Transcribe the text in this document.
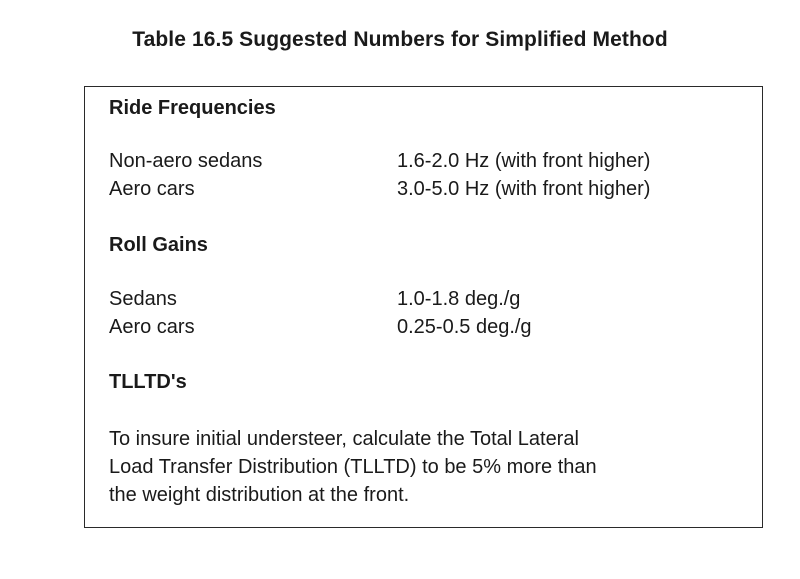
Table 16.5 Suggested Numbers for Simplified Method
Ride Frequencies
Non-aero sedans	1.6-2.0 Hz (with front higher)
Aero cars	3.0-5.0 Hz (with front higher)
Roll Gains
Sedans	1.0-1.8 deg./g
Aero cars	0.25-0.5 deg./g
TLLTD's
To insure initial understeer, calculate the Total Lateral
Load Transfer Distribution (TLLTD) to be 5% more than
the weight distribution at the front.
